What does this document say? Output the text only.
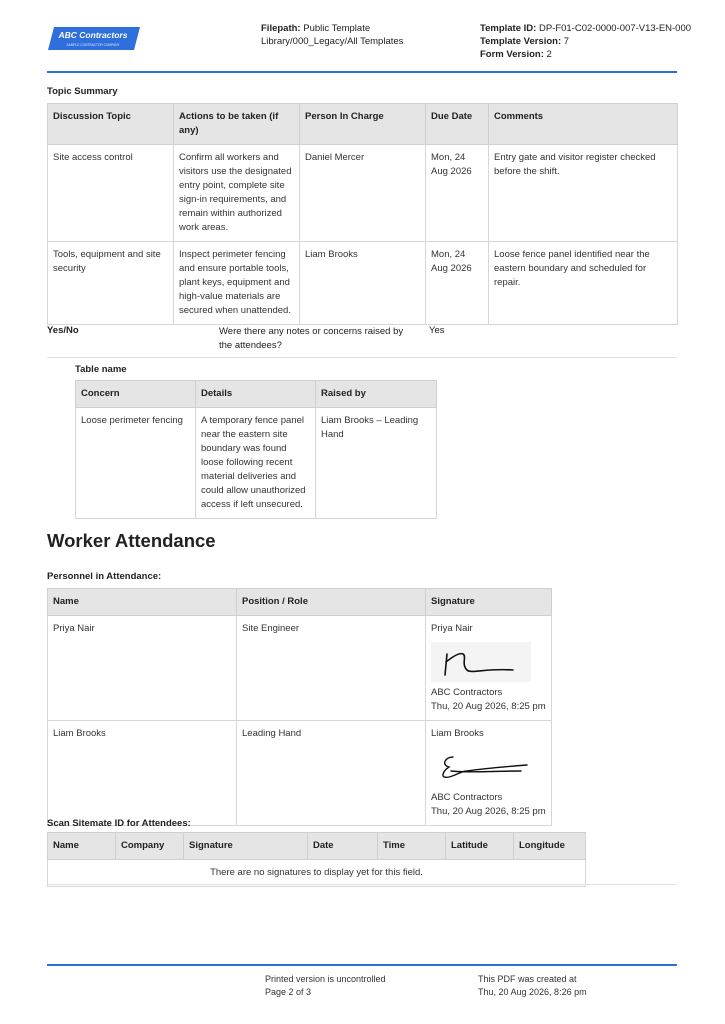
ABC Contractors
SAMPLE CONTRACTOR COMPANY
Filepath: Public Template Library/000_Legacy/All Templates
Template ID: DP-F01-C02-0000-007-V13-EN-000
Template Version: 7
Form Version: 2
Topic Summary
Discussion Topic	Actions to be taken (if any)	Person In Charge	Due Date	Comments
Site access control	Confirm all workers and visitors use the designated entry point, complete site sign-in requirements, and remain within authorized work areas.	Daniel Mercer	Mon, 24 Aug 2026	Entry gate and visitor register checked before the shift.
Tools, equipment and site security	Inspect perimeter fencing and ensure portable tools, plant keys, equipment and high-value materials are secured when unattended.	Liam Brooks	Mon, 24 Aug 2026	Loose fence panel identified near the eastern boundary and scheduled for repair.
Yes/No	Were there any notes or concerns raised by the attendees?
Yes
Table name
Concern	Details	Raised by
Loose perimeter fencing	A temporary fence panel near the eastern site boundary was found loose following recent material deliveries and could allow unauthorized access if left unsecured.	Liam Brooks – Leading Hand
Worker Attendance
Personnel in Attendance:
Name	Position / Role	Signature
Priya Nair	Site Engineer	Priya Nair
ABC Contractors
Thu, 20 Aug 2026, 8:25 pm

Liam Brooks	Leading Hand	Liam Brooks
ABC Contractors
Thu, 20 Aug 2026, 8:25 pm
Scan Sitemate ID for Attendees:
Name	Company	Signature	Date	Time	Latitude	Longitude
There are no signatures to display yet for this field.
Printed version is uncontrolled
Page 2 of 3
This PDF was created at
Thu, 20 Aug 2026, 8:26 pm
